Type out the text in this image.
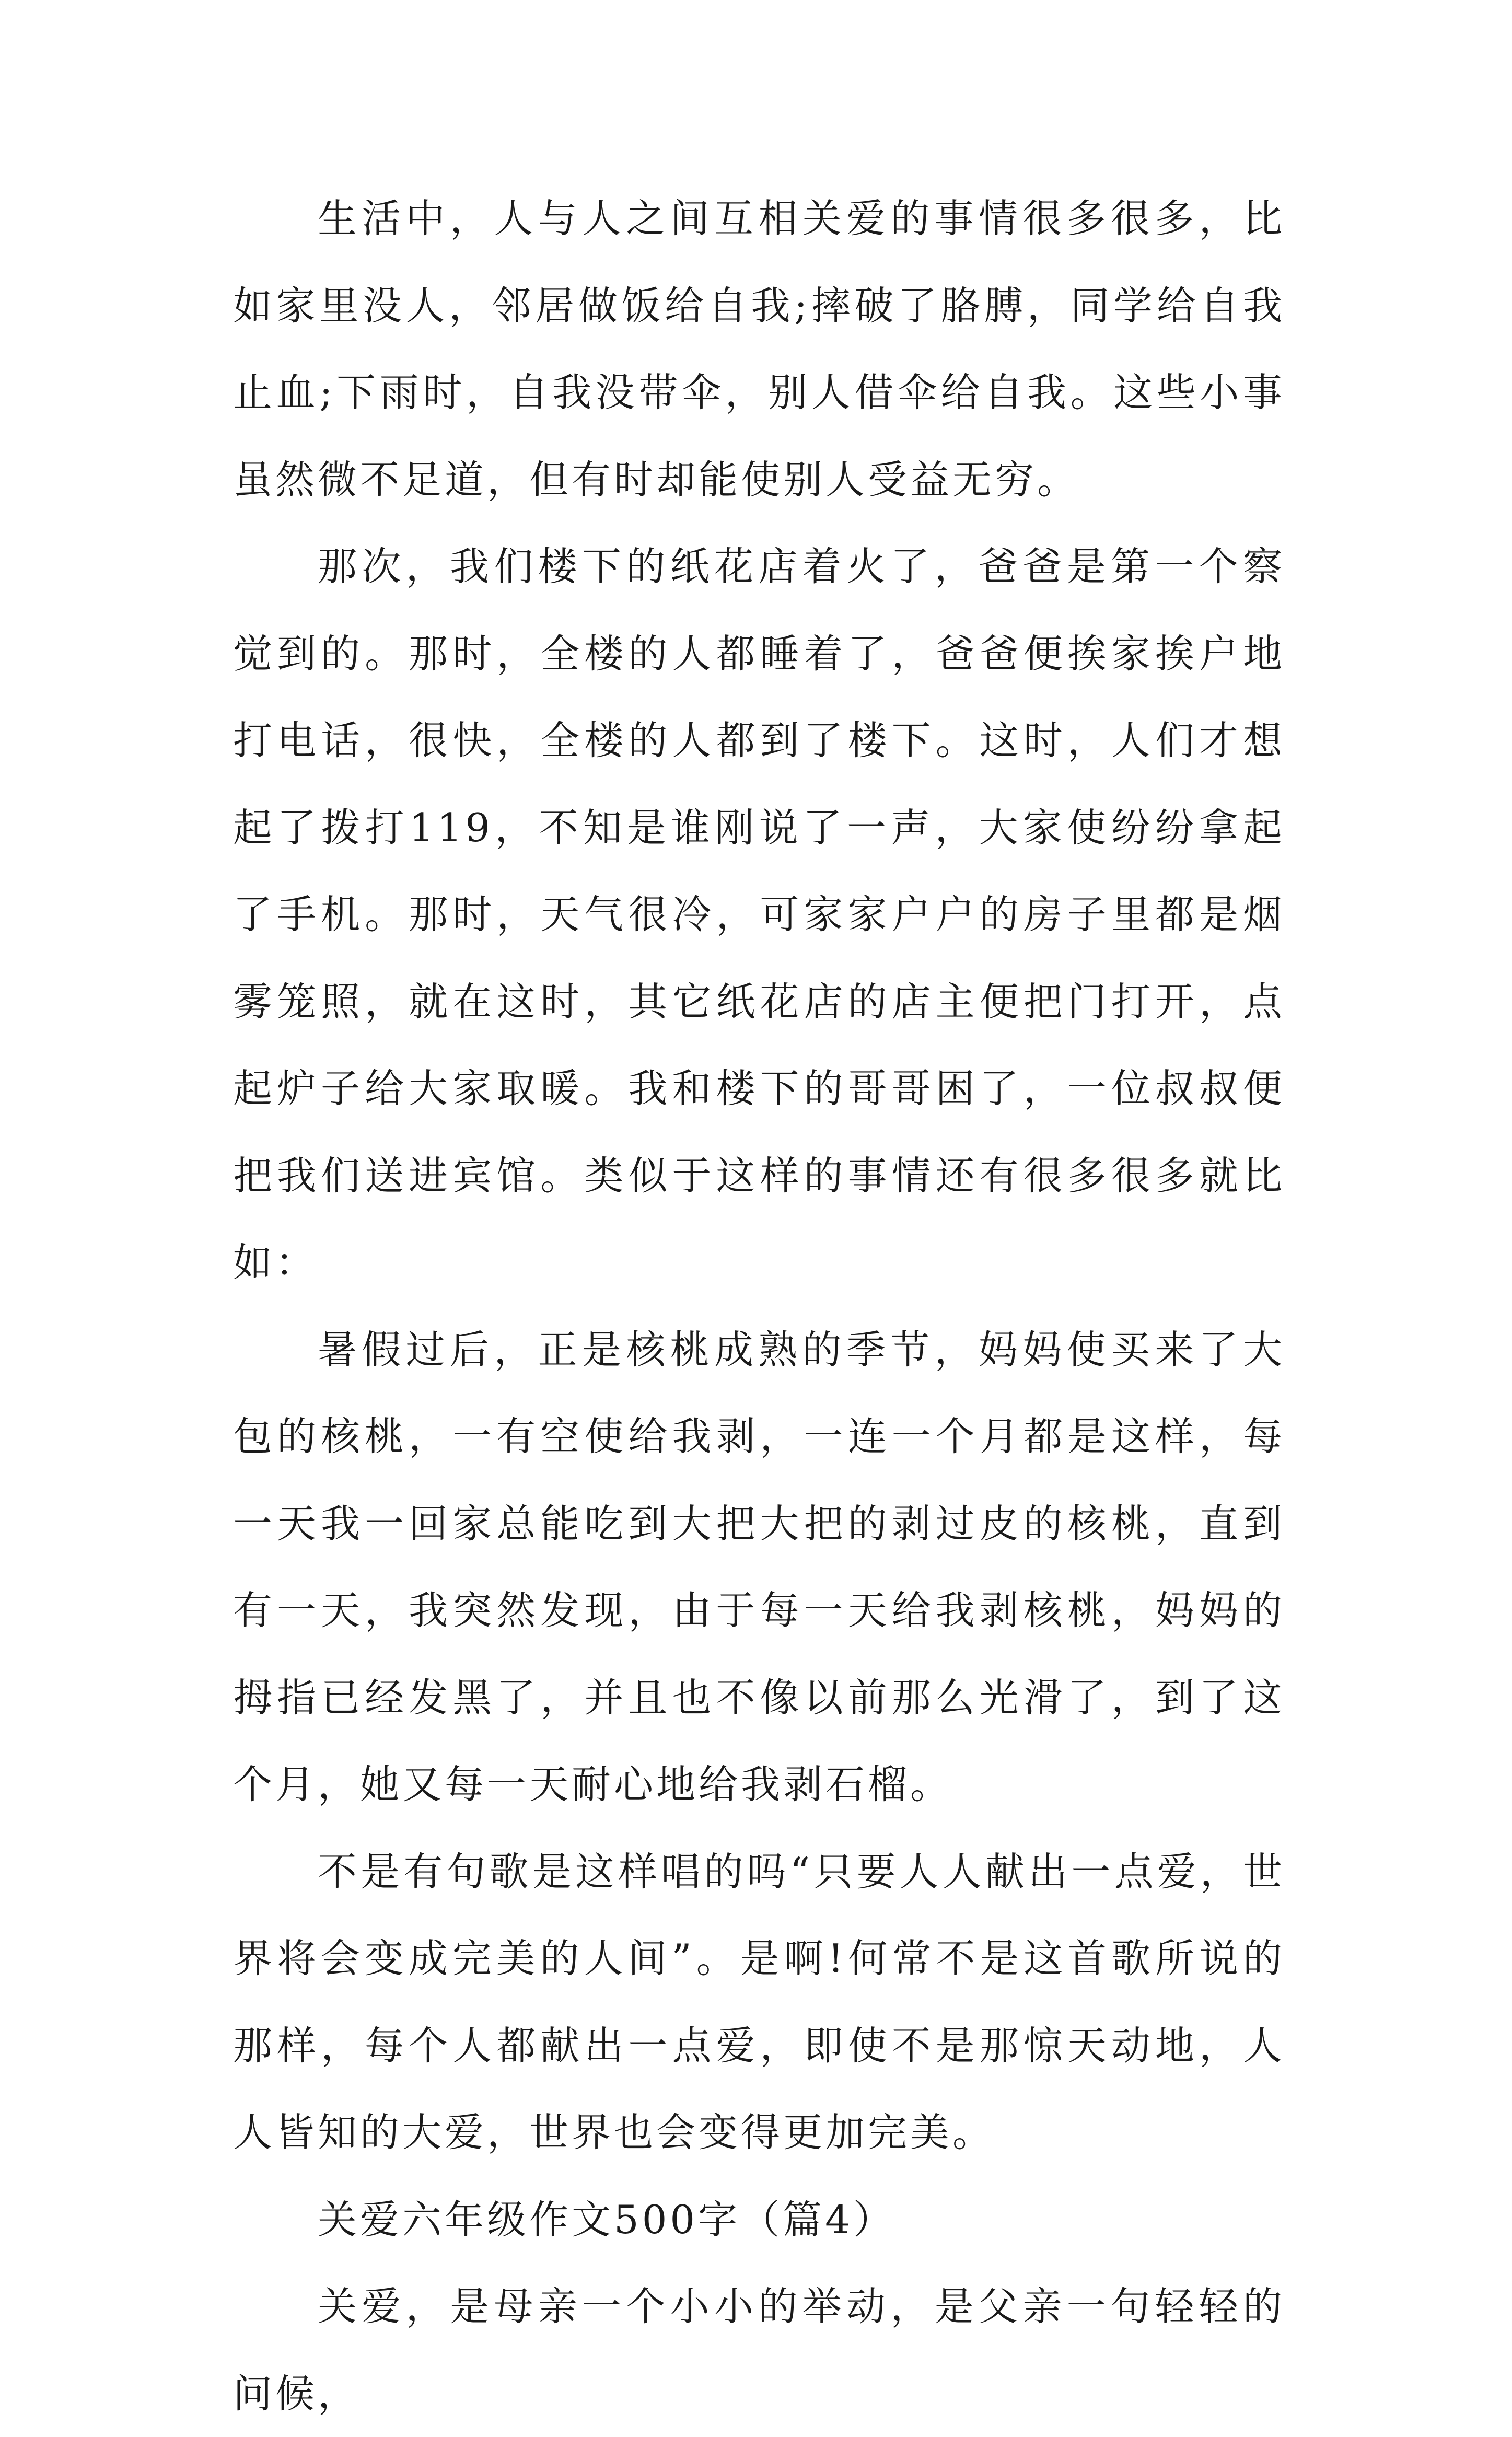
生活中，人与人之间互相关爱的事情很多很多，比如家里没人，邻居做饭给自我;摔破了胳膊，同学给自我止血;下雨时，自我没带伞，别人借伞给自我。这些小事虽然微不足道，但有时却能使别人受益无穷。

那次，我们楼下的纸花店着火了，爸爸是第一个察觉到的。那时，全楼的人都睡着了，爸爸便挨家挨户地打电话，很快，全楼的人都到了楼下。这时，人们才想起了拨打119，不知是谁刚说了一声，大家使纷纷拿起了手机。那时，天气很冷，可家家户户的房子里都是烟雾笼照，就在这时，其它纸花店的店主便把门打开，点起炉子给大家取暖。我和楼下的哥哥困了，一位叔叔便把我们送进宾馆。类似于这样的事情还有很多很多就比如：

暑假过后，正是核桃成熟的季节，妈妈使买来了大包的核桃，一有空使给我剥，一连一个月都是这样，每一天我一回家总能吃到大把大把的剥过皮的核桃，直到有一天，我突然发现，由于每一天给我剥核桃，妈妈的拇指已经发黑了，并且也不像以前那么光滑了，到了这个月，她又每一天耐心地给我剥石榴。

不是有句歌是这样唱的吗“只要人人献出一点爱，世界将会变成完美的人间”。是啊!何常不是这首歌所说的那样，每个人都献出一点爱，即使不是那惊天动地，人人皆知的大爱，世界也会变得更加完美。

关爱六年级作文500字（篇4）

关爱，是母亲一个小小的举动，是父亲一句轻轻的问候，
